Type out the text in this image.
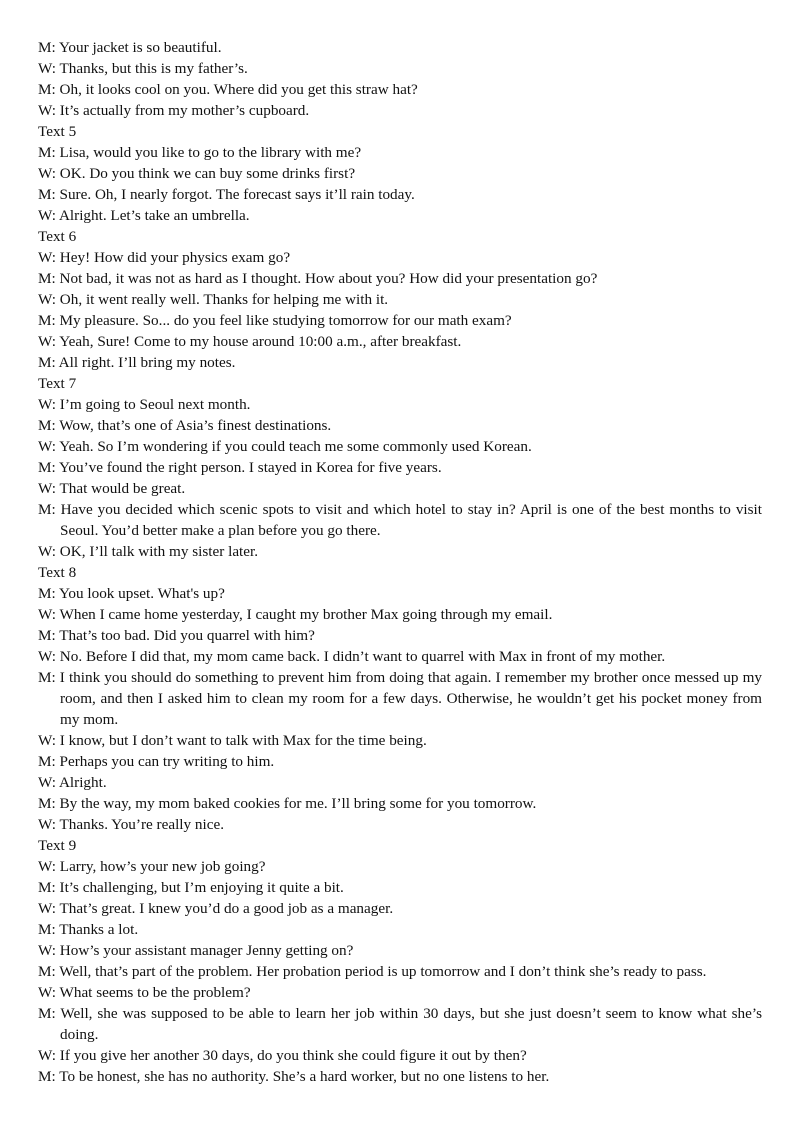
M: Your jacket is so beautiful.
W: Thanks, but this is my father’s.
M: Oh, it looks cool on you. Where did you get this straw hat?
W: It’s actually from my mother’s cupboard.
Text 5
M: Lisa, would you like to go to the library with me?
W: OK. Do you think we can buy some drinks first?
M: Sure. Oh, I nearly forgot. The forecast says it’ll rain today.
W: Alright. Let’s take an umbrella.
Text 6
W: Hey! How did your physics exam go?
M: Not bad, it was not as hard as I thought. How about you? How did your presentation go?
W: Oh, it went really well. Thanks for helping me with it.
M: My pleasure. So... do you feel like studying tomorrow for our math exam?
W: Yeah, Sure! Come to my house around 10:00 a.m., after breakfast.
M: All right. I’ll bring my notes.
Text 7
W: I’m going to Seoul next month.
M: Wow, that’s one of Asia’s finest destinations.
W: Yeah. So I’m wondering if you could teach me some commonly used Korean.
M: You’ve found the right person. I stayed in Korea for five years.
W: That would be great.
M: Have you decided which scenic spots to visit and which hotel to stay in? April is one of the best months to visit Seoul. You’d better make a plan before you go there.
W: OK, I’ll talk with my sister later.
Text 8
M: You look upset. What's up?
W: When I came home yesterday, I caught my brother Max going through my email.
M: That’s too bad. Did you quarrel with him?
W: No. Before I did that, my mom came back. I didn’t want to quarrel with Max in front of my mother.
M: I think you should do something to prevent him from doing that again. I remember my brother once messed up my room, and then I asked him to clean my room for a few days. Otherwise, he wouldn’t get his pocket money from my mom.
W: I know, but I don’t want to talk with Max for the time being.
M: Perhaps you can try writing to him.
W: Alright.
M: By the way, my mom baked cookies for me. I’ll bring some for you tomorrow.
W: Thanks. You’re really nice.
Text 9
W: Larry, how’s your new job going?
M: It’s challenging, but I’m enjoying it quite a bit.
W: That’s great. I knew you’d do a good job as a manager.
M: Thanks a lot.
W: How’s your assistant manager Jenny getting on?
M: Well, that’s part of the problem. Her probation period is up tomorrow and I don’t think she’s ready to pass.
W: What seems to be the problem?
M: Well, she was supposed to be able to learn her job within 30 days, but she just doesn’t seem to know what she’s doing.
W: If you give her another 30 days, do you think she could figure it out by then?
M: To be honest, she has no authority. She’s a hard worker, but no one listens to her.
